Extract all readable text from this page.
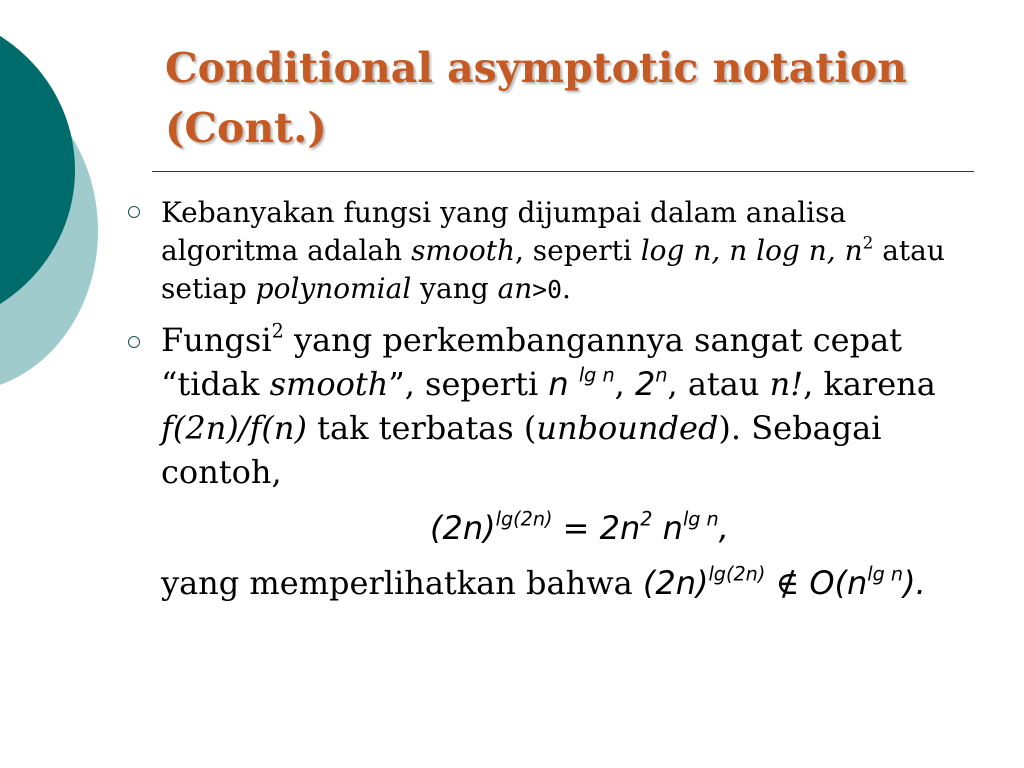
Conditional asymptotic notation
(Cont.)

Kebanyakan fungsi yang dijumpai dalam analisa algoritma adalah smooth, seperti log n, n log n, $n^2$ atau setiap polynomial yang an>0.

Fungsi$^2$ yang perkembangannya sangat cepat “tidak smooth”, seperti n $^{lg n}$, 2$^n$, atau n!, karena f(2n)/f(n) tak terbatas (unbounded). Sebagai contoh,

$(2n)^{lg(2n)} = 2n^2$ $n^{lg n}$,

yang memperlihatkan bahwa $(2n)^{lg(2n)}$ ∉ $O(n^{lg n})$.
